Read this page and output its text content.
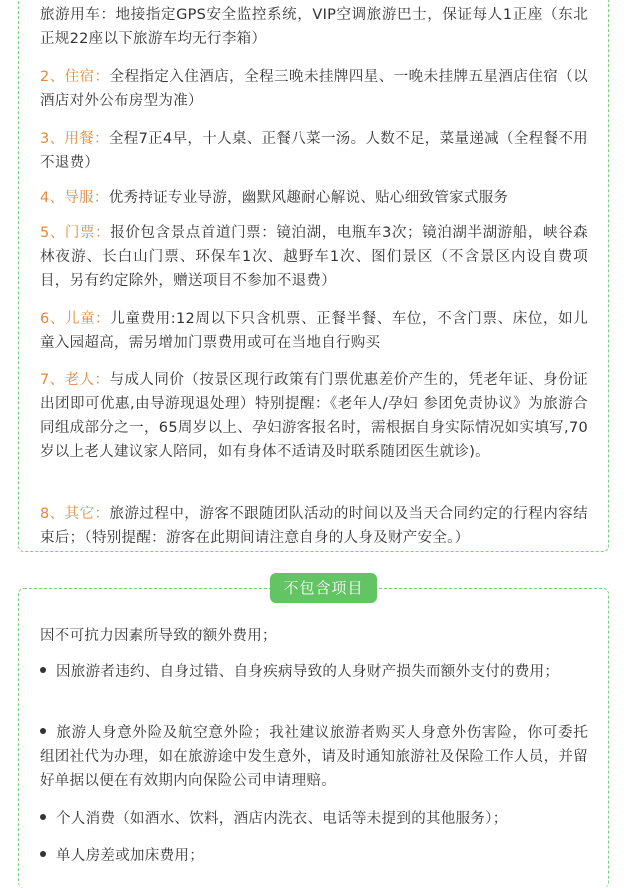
旅游用车：地接指定GPS安全监控系统，VIP空调旅游巴士，保证每人1正座（东北正规22座以下旅游车均无行李箱）

2、住宿：全程指定入住酒店，全程三晚未挂牌四星、一晚未挂牌五星酒店住宿（以酒店对外公布房型为准）

3、用餐：全程7正4早，十人桌、正餐八菜一汤。人数不足，菜量递减（全程餐不用不退费）

4、导服：优秀持证专业导游，幽默风趣耐心解说、贴心细致管家式服务

5、门票：报价包含景点首道门票：镜泊湖，电瓶车3次；镜泊湖半湖游船，峡谷森林夜游、长白山门票、环保车1次、越野车1次、图们景区（不含景区内设自费项目，另有约定除外，赠送项目不参加不退费）

6、儿童：儿童费用:12周以下只含机票、正餐半餐、车位，不含门票、床位，如儿童入园超高，需另增加门票费用或可在当地自行购买

7、老人：与成人同价（按景区现行政策有门票优惠差价产生的，凭老年证、身份证出团即可优惠,由导游现退处理）特别提醒：《老年人/孕妇 参团免责协议》为旅游合同组成部分之一，65周岁以上、孕妇游客报名时，需根据自身实际情况如实填写,70岁以上老人建议家人陪同，如有身体不适请及时联系随团医生就诊)。

8、其它：旅游过程中，游客不跟随团队活动的时间以及当天合同约定的行程内容结束后；（特别提醒：游客在此期间请注意自身的人身及财产安全。）

不包含项目

因不可抗力因素所导致的额外费用；

因旅游者违约、自身过错、自身疾病导致的人身财产损失而额外支付的费用；

旅游人身意外险及航空意外险；我社建议旅游者购买人身意外伤害险，你可委托组团社代为办理，如在旅游途中发生意外，请及时通知旅游社及保险工作人员，并留好单据以便在有效期内向保险公司申请理赔。

个人消费（如酒水、饮料，酒店内洗衣、电话等未提到的其他服务）；

单人房差或加床费用；
